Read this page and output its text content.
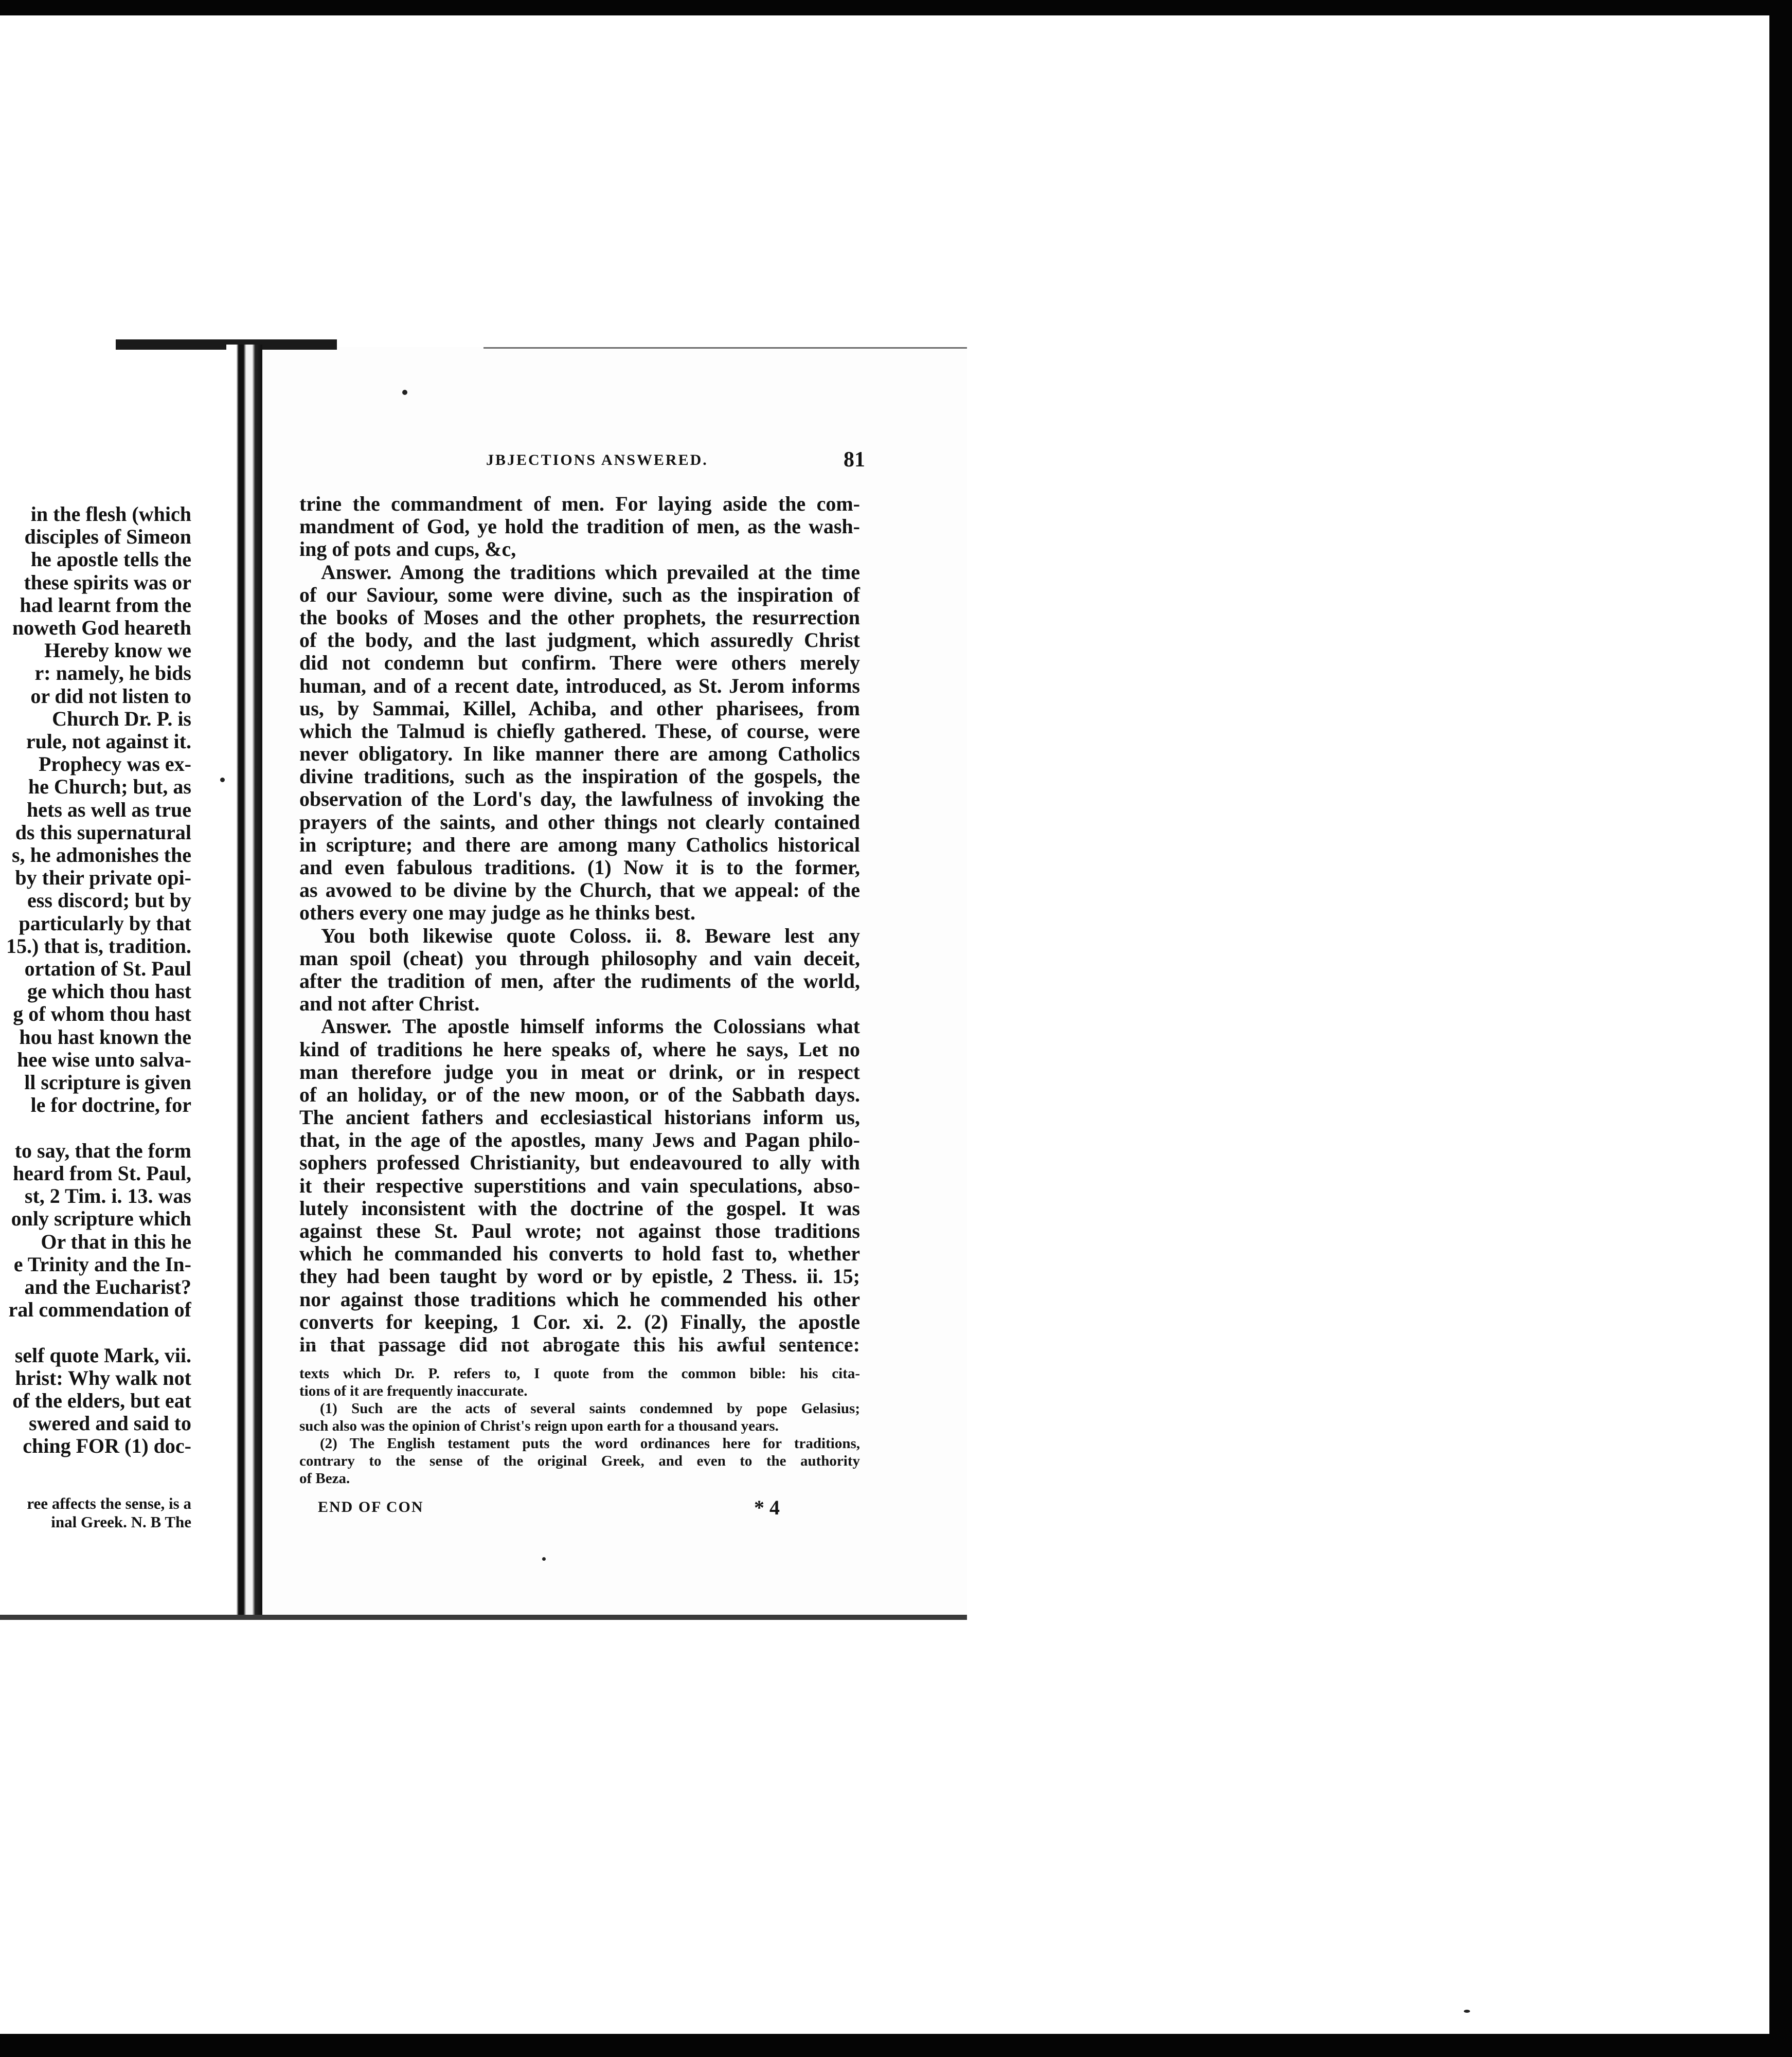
in the flesh (which
disciples of Simeon
he apostle tells the
these spirits was or
had learnt from the
noweth God heareth
Hereby know we
r: namely, he bids
or did not listen to
Church Dr. P. is
rule, not against it.
Prophecy was ex-
he Church; but, as
hets as well as true
ds this supernatural
s, he admonishes the
by their private opi-
ess discord; but by
particularly by that
15.) that is, tradition.
ortation of St. Paul
ge which thou hast
g of whom thou hast
hou hast known the
hee wise unto salva-
ll scripture is given
le for doctrine, for

to say, that the form
heard from St. Paul,
st, 2 Tim. i. 13. was
only scripture which
Or that in this he
e Trinity and the In-
and the Eucharist?
ral commendation of

self quote Mark, vii.
hrist: Why walk not
of the elders, but eat
swered and said to
ching FOR (1) doc-
ree affects the sense, is a
inal Greek. N. B The
JBJECTIONS ANSWERED.	81
trine the commandment of men. For laying aside the com-
mandment of God, ye hold the tradition of men, as the wash-
ing of pots and cups, &c,
Answer. Among the traditions which prevailed at the time
of our Saviour, some were divine, such as the inspiration of
the books of Moses and the other prophets, the resurrection
of the body, and the last judgment, which assuredly Christ
did not condemn but confirm. There were others merely
human, and of a recent date, introduced, as St. Jerom informs
us, by Sammai, Killel, Achiba, and other pharisees, from
which the Talmud is chiefly gathered. These, of course, were
never obligatory. In like manner there are among Catholics
divine traditions, such as the inspiration of the gospels, the
observation of the Lord's day, the lawfulness of invoking the
prayers of the saints, and other things not clearly contained
in scripture; and there are among many Catholics historical
and even fabulous traditions. (1) Now it is to the former,
as avowed to be divine by the Church, that we appeal: of the
others every one may judge as he thinks best.
You both likewise quote Coloss. ii. 8. Beware lest any
man spoil (cheat) you through philosophy and vain deceit,
after the tradition of men, after the rudiments of the world,
and not after Christ.
Answer. The apostle himself informs the Colossians what
kind of traditions he here speaks of, where he says, Let no
man therefore judge you in meat or drink, or in respect
of an holiday, or of the new moon, or of the Sabbath days.
The ancient fathers and ecclesiastical historians inform us,
that, in the age of the apostles, many Jews and Pagan philo-
sophers professed Christianity, but endeavoured to ally with
it their respective superstitions and vain speculations, abso-
lutely inconsistent with the doctrine of the gospel. It was
against these St. Paul wrote; not against those traditions
which he commanded his converts to hold fast to, whether
they had been taught by word or by epistle, 2 Thess. ii. 15;
nor against those traditions which he commended his other
converts for keeping, 1 Cor. xi. 2. (2) Finally, the apostle
in that passage did not abrogate this his awful sentence:
texts which Dr. P. refers to, I quote from the common bible: his cita-
tions of it are frequently inaccurate.
(1) Such are the acts of several saints condemned by pope Gelasius;
such also was the opinion of Christ's reign upon earth for a thousand years.
(2) The English testament puts the word ordinances here for traditions,
contrary to the sense of the original Greek, and even to the authority
of Beza.
END OF CON	* 4
